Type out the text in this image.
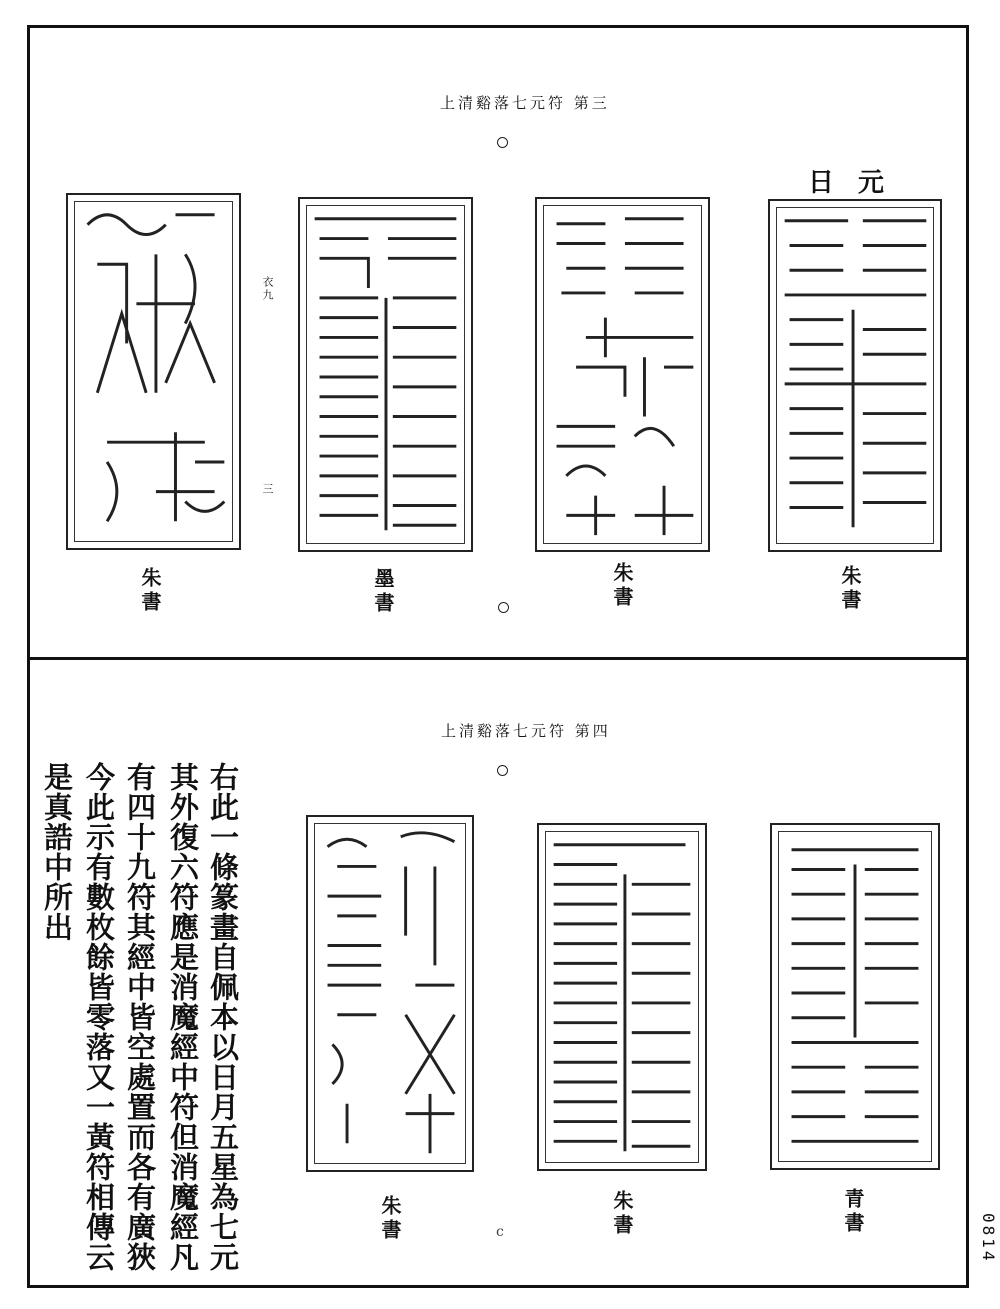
上清谿落七元符 第三
日元
衣九
三
朱書	墨書	朱書	朱書
上清谿落七元符 第四
朱書	朱書	青書
c
右此一條篆畫自佩本以日月五星為七元
其外復六符應是消魔經中符但消魔經凡
有四十九符其經中皆空處置而各有廣狹
今此示有數枚餘皆零落又一黃符相傳云
是真誥中所出
0814
